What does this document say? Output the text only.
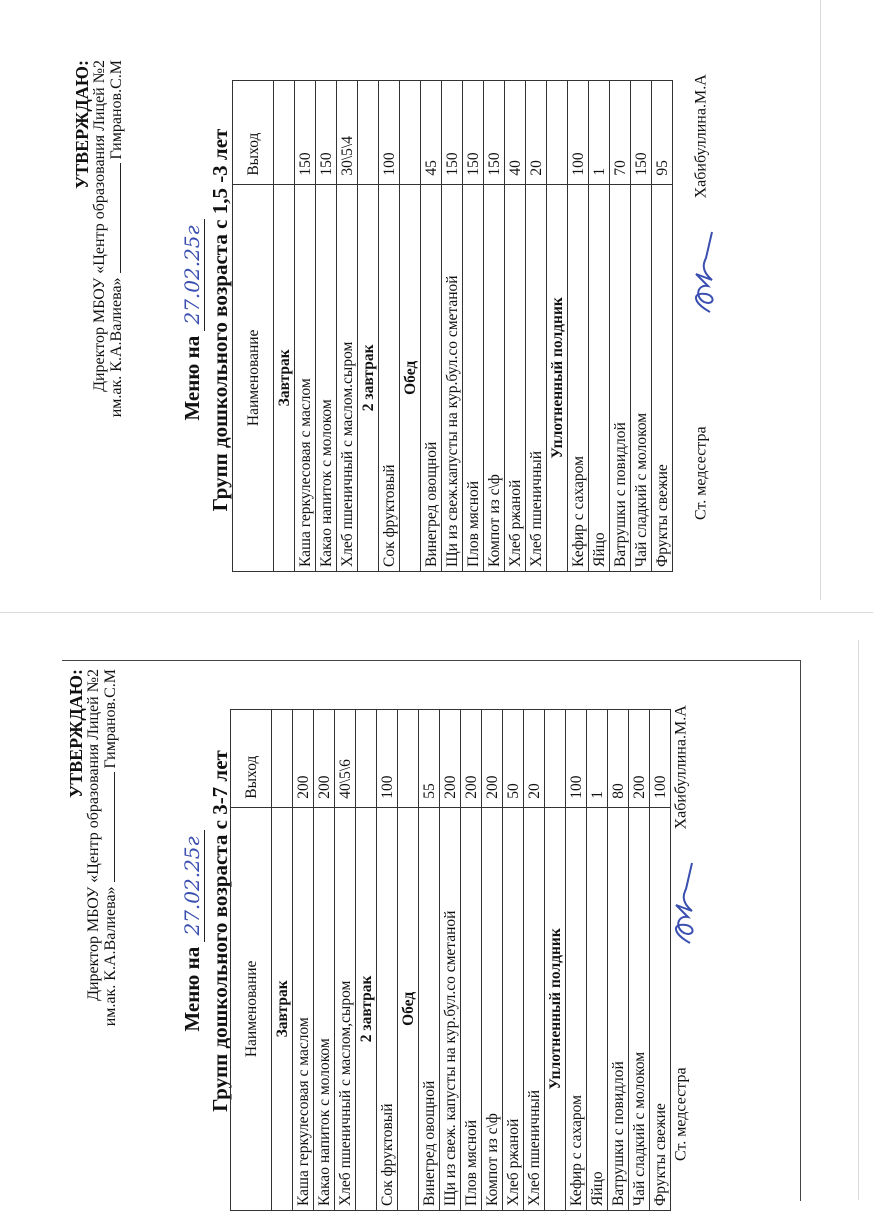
УТВЕРЖДАЮ: Директор МБОУ «Центр образования Лицей №2 им.ак. К.А.Валиева»Гимранов.С.М
Меню на 27.02.25г Групп дошкольного возраста с 3-7 лет Наименование	Выход
Завтрак	
Каша геркулесовая с маслом	200
Какао напиток с молоком	200
Хлеб пшеничный с маслом,сыром	40\5\6
2 завтрак	
Сок фруктовый	100
Обед	
Винегред овощной	55
Щи из свеж. капусты на кур.бул.со сметаной	200
Плов мясной	200
Компот из с\ф	200
Хлеб ржаной	50
Хлеб пшеничный	20
Уплотненный полдник	
Кефир с сахаром	100
Яйцо	1
Ватрушки с повидлой	80
Чай сладкий с молоком	200
Фрукты свежие	100
Ст. медсестра  Хабибуллина.М.А
УТВЕРЖДАЮ: Директор МБОУ «Центр образования Лицей №2 им.ак. К.А.Валиева»Гимранов.С.М
Меню на 27.02.25г Групп дошкольного возраста с 1,5 -3 лет Наименование	Выход
Завтрак	
Каша геркулесовая с маслом	150
Какао напиток с молоком	150
Хлеб пшеничный с маслом.сыром	30\5\4
2 завтрак	
Сок фруктовый	100
Обед	
Винегред овощной	45
Щи из свеж.капусты на кур.бул.со сметаной	150
Плов мясной	150
Компот из с\ф	150
Хлеб ржаной	40
Хлеб пшеничный	20
Уплотненный полдник	
Кефир с сахаром	100
Яйцо	1
Ватрушки с повидлой	70
Чай сладкий с молоком	150
Фрукты свежие	95
Ст. медсестра  Хабибуллина.М.А
